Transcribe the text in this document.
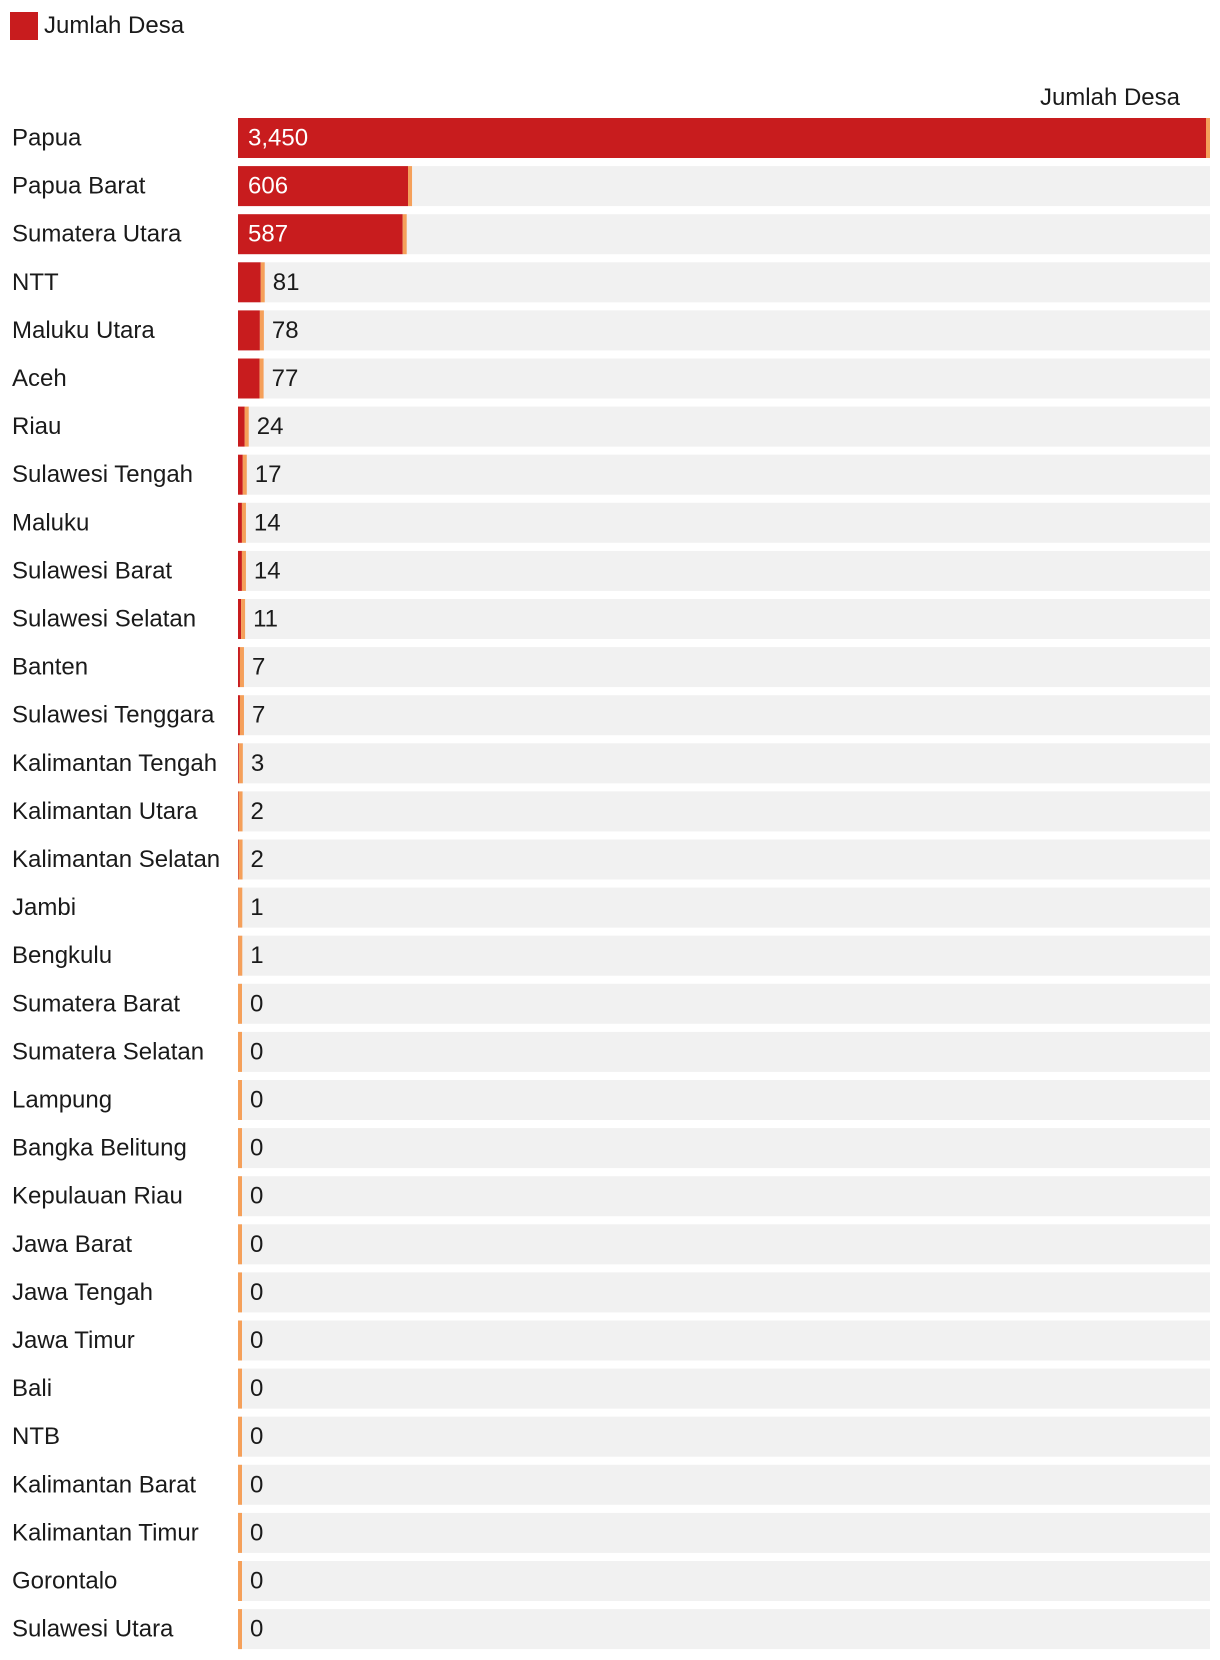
Jumlah Desa
Jumlah Desa
Papua	3,450
Papua Barat	606
Sumatera Utara	587
NTT	81
Maluku Utara	78
Aceh	77
Riau	24
Sulawesi Tengah	17
Maluku	14
Sulawesi Barat	14
Sulawesi Selatan 11
Banten	7
Sulawesi Tenggara 7
Kalimantan Tengah 3
Kalimantan Utara 2
Kalimantan Selatan 2
Jambi	1
Bengkulu	1
Sumatera Barat	0
Sumatera Selatan 0
Lampung	0
Bangka Belitung	0
Kepulauan Riau	0
Jawa Barat	0
Jawa Tengah	0
Jawa Timur	0
Bali	0
NTB	0
Kalimantan Barat 0
Kalimantan Timur 0
Gorontalo	0
Sulawesi Utara	0
